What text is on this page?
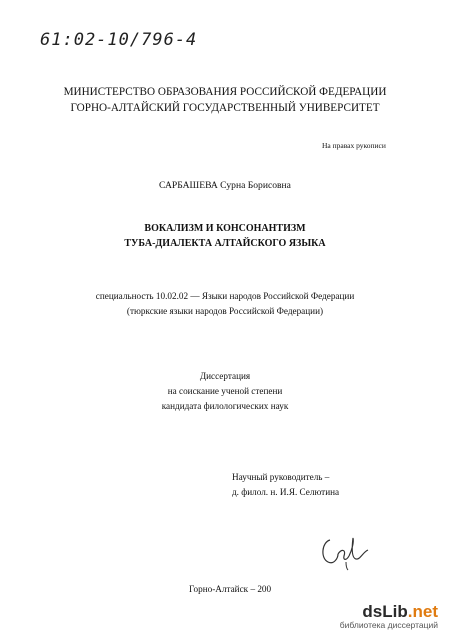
61:02-10/796-4
МИНИСТЕРСТВО ОБРАЗОВАНИЯ РОССИЙСКОЙ ФЕДЕРАЦИИ
ГОРНО-АЛТАЙСКИЙ ГОСУДАРСТВЕННЫЙ УНИВЕРСИТЕТ
На правах рукописи
САРБАШЕВА Сурна Борисовна
ВОКАЛИЗМ И КОНСОНАНТИЗМ
ТУБА-ДИАЛЕКТА АЛТАЙСКОГО ЯЗЫКА
специальность 10.02.02 — Языки народов Российской Федерации
(тюркские языки народов Российской Федерации)
Диссертация
на соискание ученой степени
кандидата филологических наук
Научный руководитель –
д. филол. н. И.Я. Селютина
Сел
Горно-Алтайск – 200
dsLib.net
библиотека диссертаций
